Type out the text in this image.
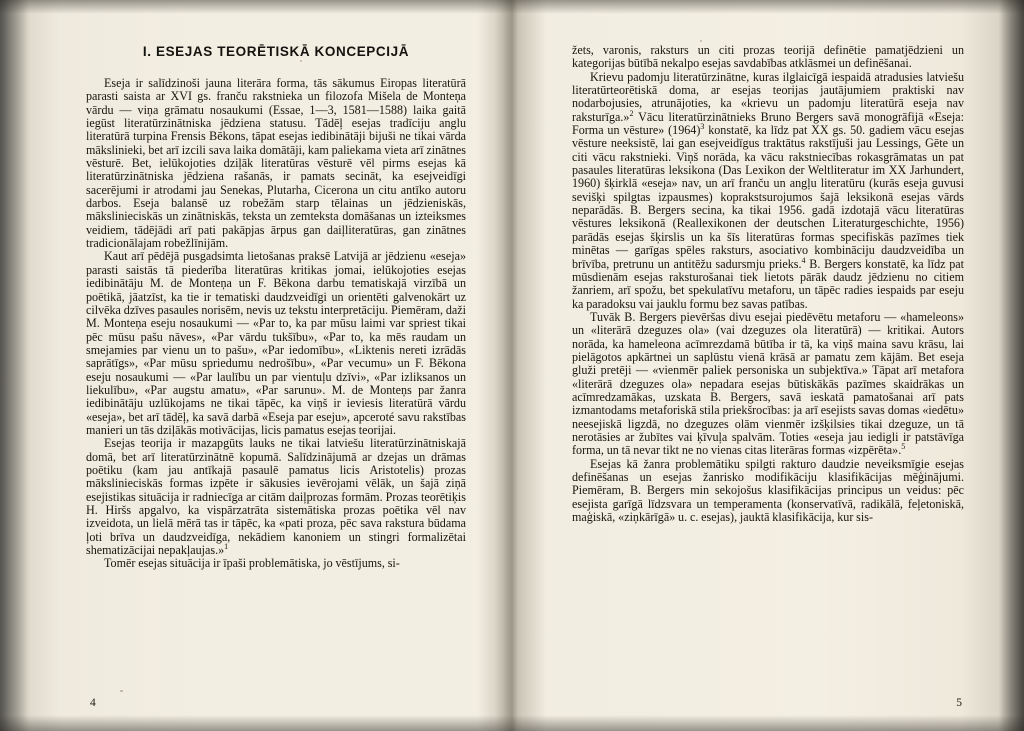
I. ESEJAS TEORĒTISKĀ KONCEPCIJĀ

Eseja ir salīdzinoši jauna literāra forma, tās sākumus Eiropas literatūrā parasti saista ar XVI gs. franču rakstnieka un filozofa Mišela de Monteņa vārdu — viņa grāmatu nosaukumi (Essae, 1—3, 1581—1588) laika gaitā iegūst literatūrzinātniska jēdziena statusu. Tādēļ esejas tradīciju anglu literatūrā turpina Frensis Bēkons, tāpat esejas iedibinātāji bijuši ne tikai vārda mākslinieki, bet arī izcili sava laika domātāji, kam paliekama vieta arī zinātnes vēsturē. Bet, ielūkojoties dziļāk literatūras vēsturē vēl pirms esejas kā literatūrzinātniska jēdziena rašanās, ir pamats secināt, ka esejveidīgi sacerējumi ir atrodami jau Senekas, Plutarha, Cicerona un citu antīko autoru darbos. Eseja balansē uz robežām starp tēlainas un jēdzieniskās, mākslinieciskās un zinātniskās, teksta un zemteksta domāšanas un izteiksmes veidiem, tādējādi arī pati pakāpjas ārpus gan daiļliteratūras, gan zinātnes tradicionālajam robežlīnijām.

Kaut arī pēdējā pusgadsimta lietošanas praksē Latvijā ar jēdzienu «eseja» parasti saistās tā piederība literatūras kritikas jomai, ielūkojoties esejas iedibinātāju M. de Monteņa un F. Bēkona darbu tematiskajā virzībā un poētikā, jāatzīst, ka tie ir tematiski daudzveidīgi un orientēti galvenokārt uz cilvēka dzīves pasaules norisēm, nevis uz tekstu interpretāciju. Piemēram, daži M. Monteņa eseju nosaukumi — «Par to, ka par mūsu laimi var spriest tikai pēc mūsu pašu nāves», «Par vārdu tukšību», «Par to, ka mēs raudam un smejamies par vienu un to pašu», «Par iedomību», «Liktenis nereti izrādās saprātīgs», «Par mūsu spriedumu nedrošību», «Par vecumu» un F. Bēkona eseju nosaukumi — «Par laulību un par vientuļu dzīvi», «Par izliksanos un liekulību», «Par augstu amatu», «Par sarunu». M. de Monteņs par žanra iedibinātāju uzlūkojams ne tikai tāpēc, ka viņš ir ieviesis literatūrā vārdu «eseja», bet arī tādēļ, ka savā darbā «Eseja par eseju», apceroté savu rakstības manieri un tās dziļākās motivācijas, licis pamatus esejas teorijai.

Esejas teorija ir mazapgūts lauks ne tikai latviešu literatūrzinātniskajā domā, bet arī literatūrzinātnē kopumā. Salīdzinājumā ar dzejas un drāmas poētiku (kam jau antīkajā pasaulē pamatus licis Aristotelis) prozas mākslinieciskās formas izpēte ir sākusies ievērojami vēlāk, un šajā ziņā esejistikas situācija ir radniecīga ar citām daiļprozas formām. Prozas teorētiķis H. Hiršs apgalvo, ka vispārzatrāta sistemātiska prozas poētika vēl nav izveidota, un lielā mērā tas ir tāpēc, ka «pati proza, pēc sava rakstura būdama ļoti brīva un daudzveidīga, nekādiem kanoniem un stingri formalizētai shematizācijai nepakļaujas.»$^1$

Tomēr esejas situācija ir īpaši problemātiska, jo vēstījums, si-

4

žets, varonis, raksturs un citi prozas teorijā definētie pamatjēdzieni un kategorijas būtībā nekalpo esejas savdabības atklāsmei un definēšanai.

Krievu padomju literatūrzinātne, kuras ilglaicīgā iespaidā atradusies latviešu literatūrteorētiskā doma, ar esejas teorijas jautājumiem praktiski nav nodarbojusies, atrunājoties, ka «krievu un padomju literatūrā eseja nav raksturīga.»$^2$ Vācu literatūrzinātnieks Bruno Bergers savā monogrāfijā «Eseja: Forma un vēsture» $(1964)^3$ konstatē, ka līdz pat XX gs. 50. gadiem vācu esejas vēsture neeksistē, lai gan esejveidīgus traktātus rakstījuši jau Lessings, Gēte un citi vācu rakstnieki. Viņš norāda, ka vācu rakstniecības rokasgrāmatas un pat pasaules literatūras leksikona (Das Lexikon der Weltliteratur im XX Jarhundert, 1960) šķirklā «eseja» nav, un arī franču un angļu literatūru (kurās eseja guvusi sevišķi spilgtas izpausmes) koprakstsurojumos šajā leksikonā esejas vārds neparādās. B. Bergers secina, ka tikai 1956. gadā izdotajā vācu literatūras vēstures leksikonā (Reallexikonen der deutschen Literaturgeschichte, 1956) parādās esejas šķirslis un ka šīs literatūras formas specifiskās pazīmes tiek minētas — garīgas spēles raksturs, asociativo kombināciju daudzveidība un brīvība, pretrunu un antitēžu sadursmju prieks.$^4$ B. Bergers konstatē, ka līdz pat mūsdienām esejas raksturošanai tiek lietots pārāk daudz jēdzienu no citiem žanriem, arī spožu, bet spekulatīvu metaforu, un tāpēc radies iespaids par eseju ka paradoksu vai jauklu formu bez savas patības.

Tuvāk B. Bergers pievēršas divu esejai piedēvētu metaforu — «hameleons» un «literārā dzeguzes ola» (vai dzeguzes ola literatūrā) — kritikai. Autors norāda, ka hameleona acīmrezdamā būtība ir tā, ka viņš maina savu krāsu, lai pielāgotos apkārtnei un saplūstu vienā krāsā ar pamatu zem kājām. Bet eseja gluži pretēji — «vienmēr paliek personiska un subjektīva.» Tāpat arī metafora «literārā dzeguzes ola» nepadara esejas būtiskākās pazīmes skaidrākas un acīmredzamākas, uzskata B. Bergers, savā ieskatā pamatošanai arī pats izmantodams metaforiskā stila priekšrocības: ja arī esejists savas domas «iedētu» neesejiskā ligzdā, no dzeguzes olām vienmēr izšķilsies tikai dzeguze, un tā nerotāsies ar žubītes vai ķīvuļa spalvām. Toties «eseja jau iedigli ir patstāvīga forma, un tā nevar tikt ne no vienas citas literāras formas «izpērēta».$^5$

Esejas kā žanra problemātiku spilgti rakturo daudzie neveiksmīgie esejas definēšanas un esejas žanrisko modifikāciju klasifikācijas mēģinājumi. Piemēram, B. Bergers min sekojošus klasifikācijas principus un veidus: pēc esejista garīgā līdzsvara un temperamenta (konservatīvā, radikālā, feļetoniskā, maģiskā, «ziņkārīgā» u. c. esejas), jauktā klasifikācija, kur sis-

5
